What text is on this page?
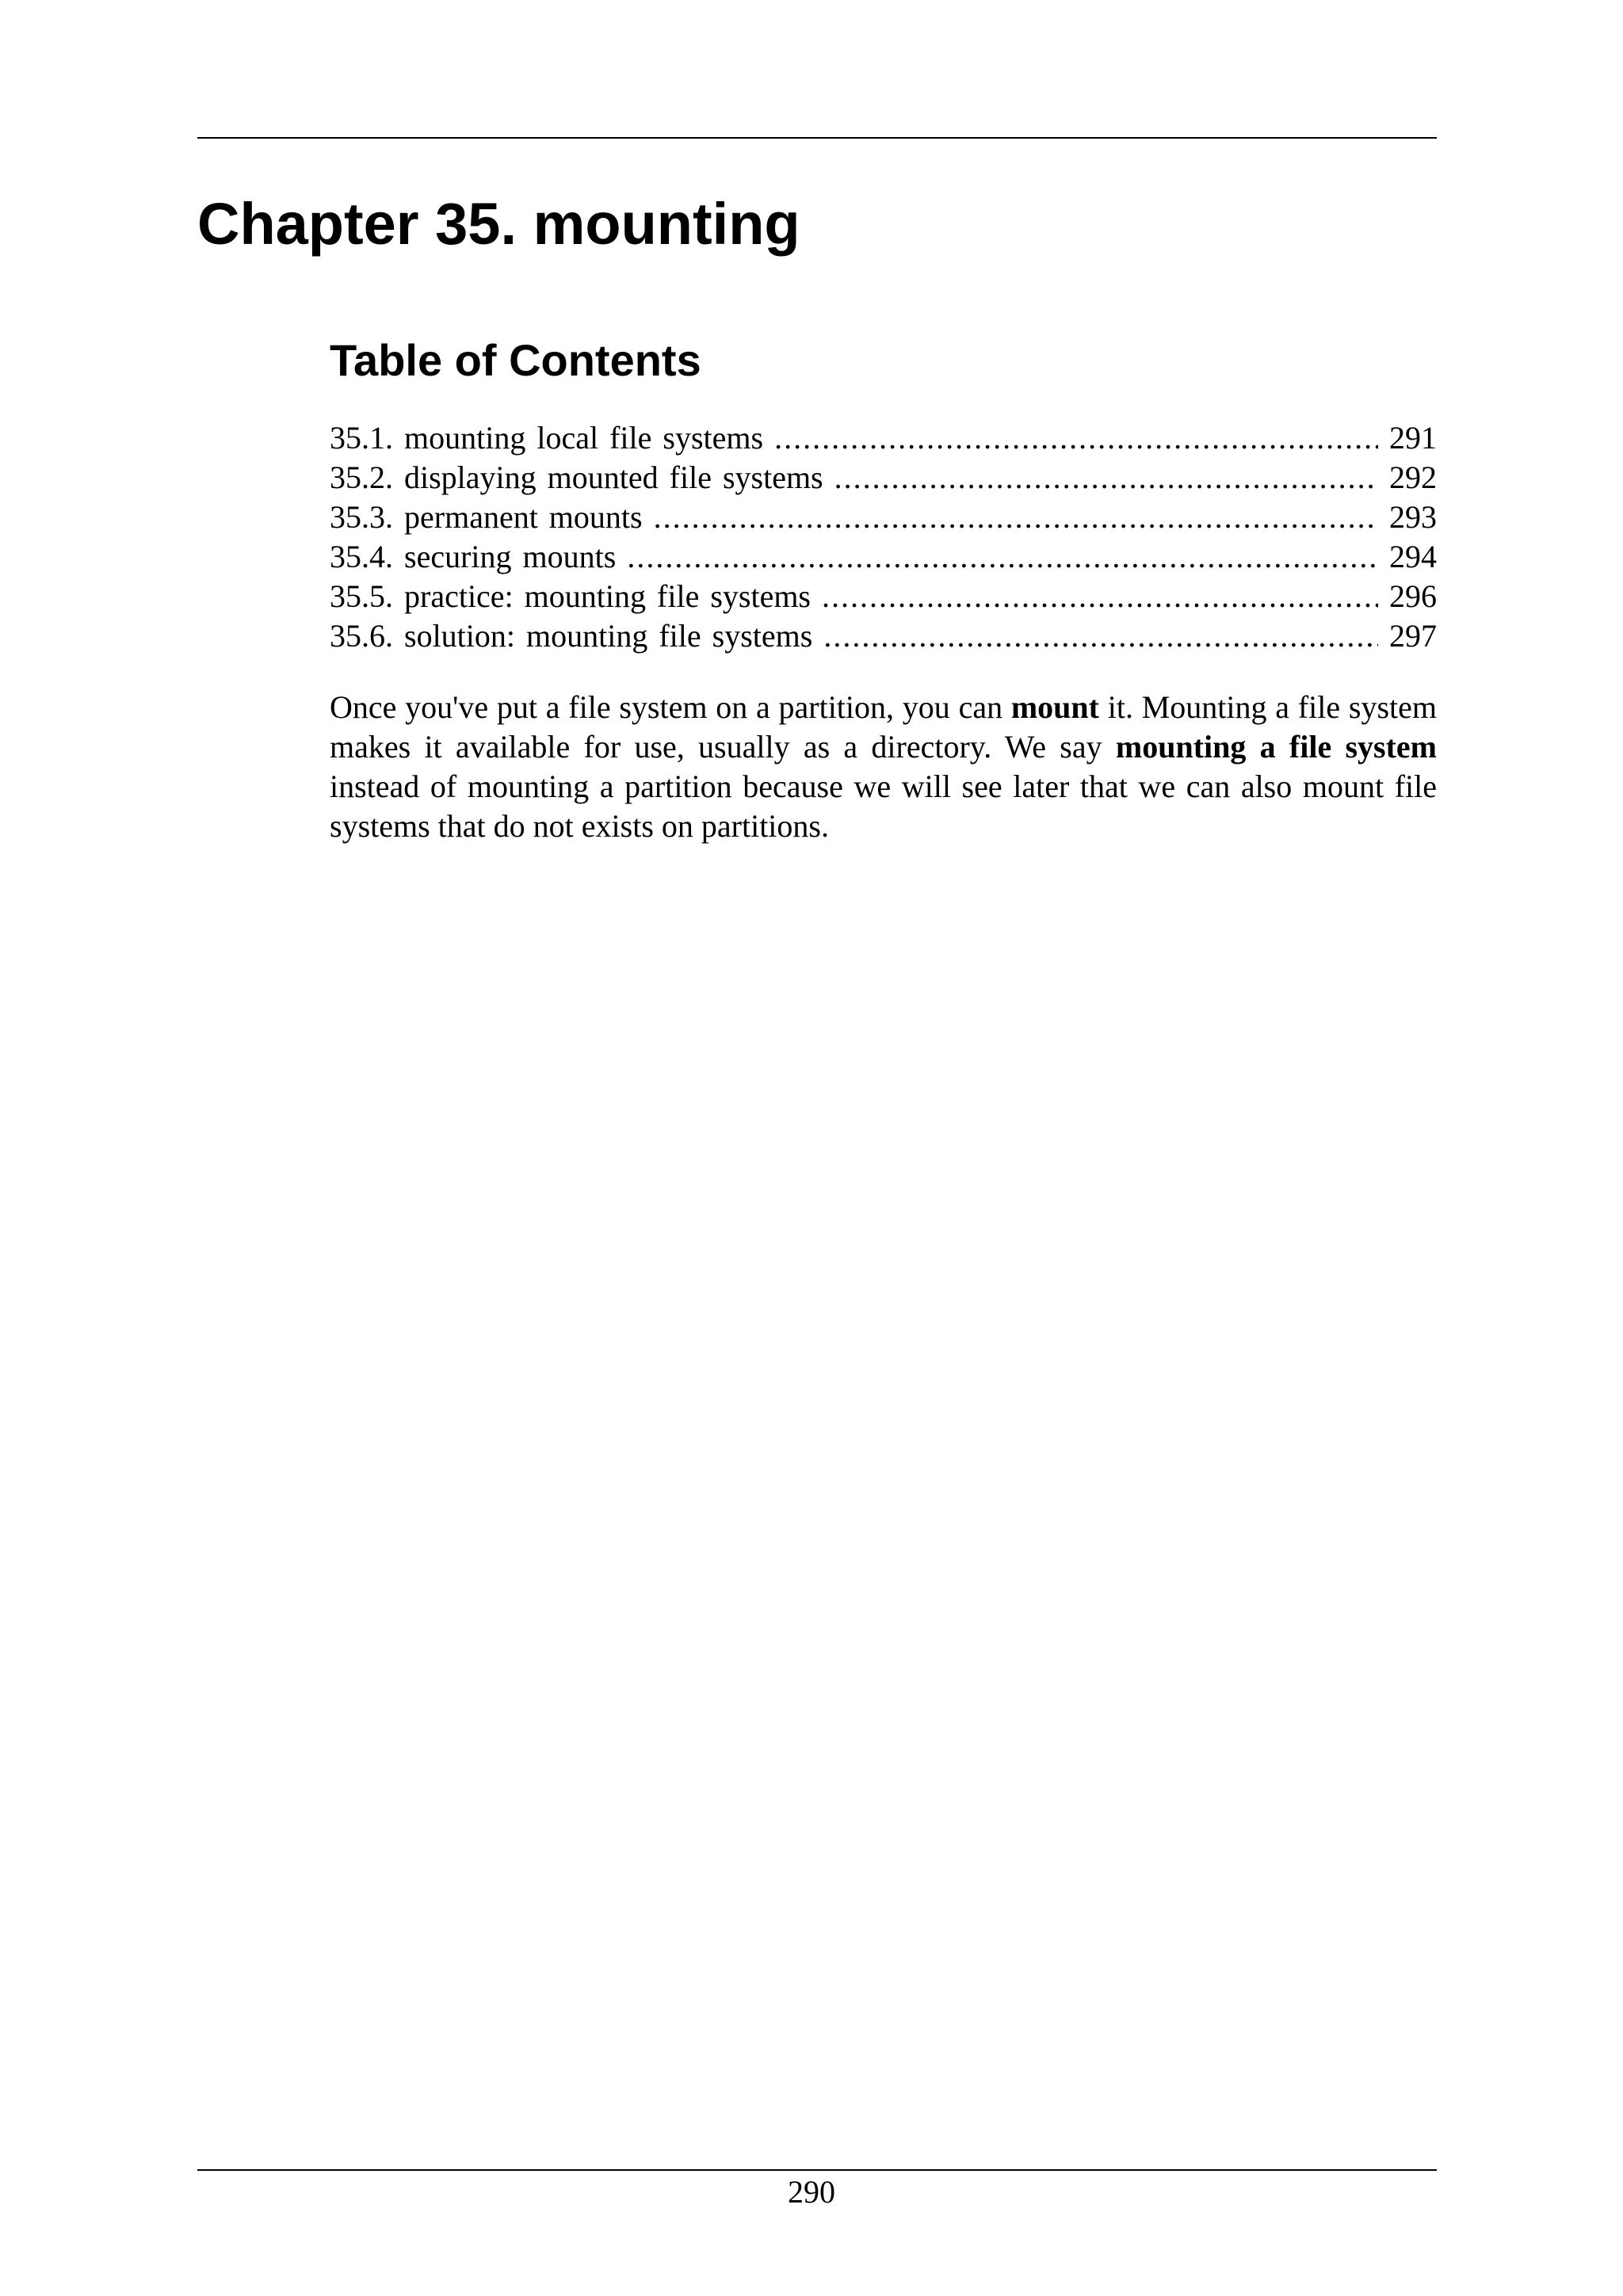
Chapter 35. mounting
Table of Contents
35.1. mounting local file systems .....	291
35.2. displaying mounted file systems .....	292
35.3. permanent mounts .....	293
35.4. securing mounts .....	294
35.5. practice: mounting file systems .....	296
35.6. solution: mounting file systems .....	297

Once you've put a file system on a partition, you can mount it. Mounting a file system makes it available for use, usually as a directory. We say mounting a file system instead of mounting a partition because we will see later that we can also mount file systems that do not exists on partitions.

290
